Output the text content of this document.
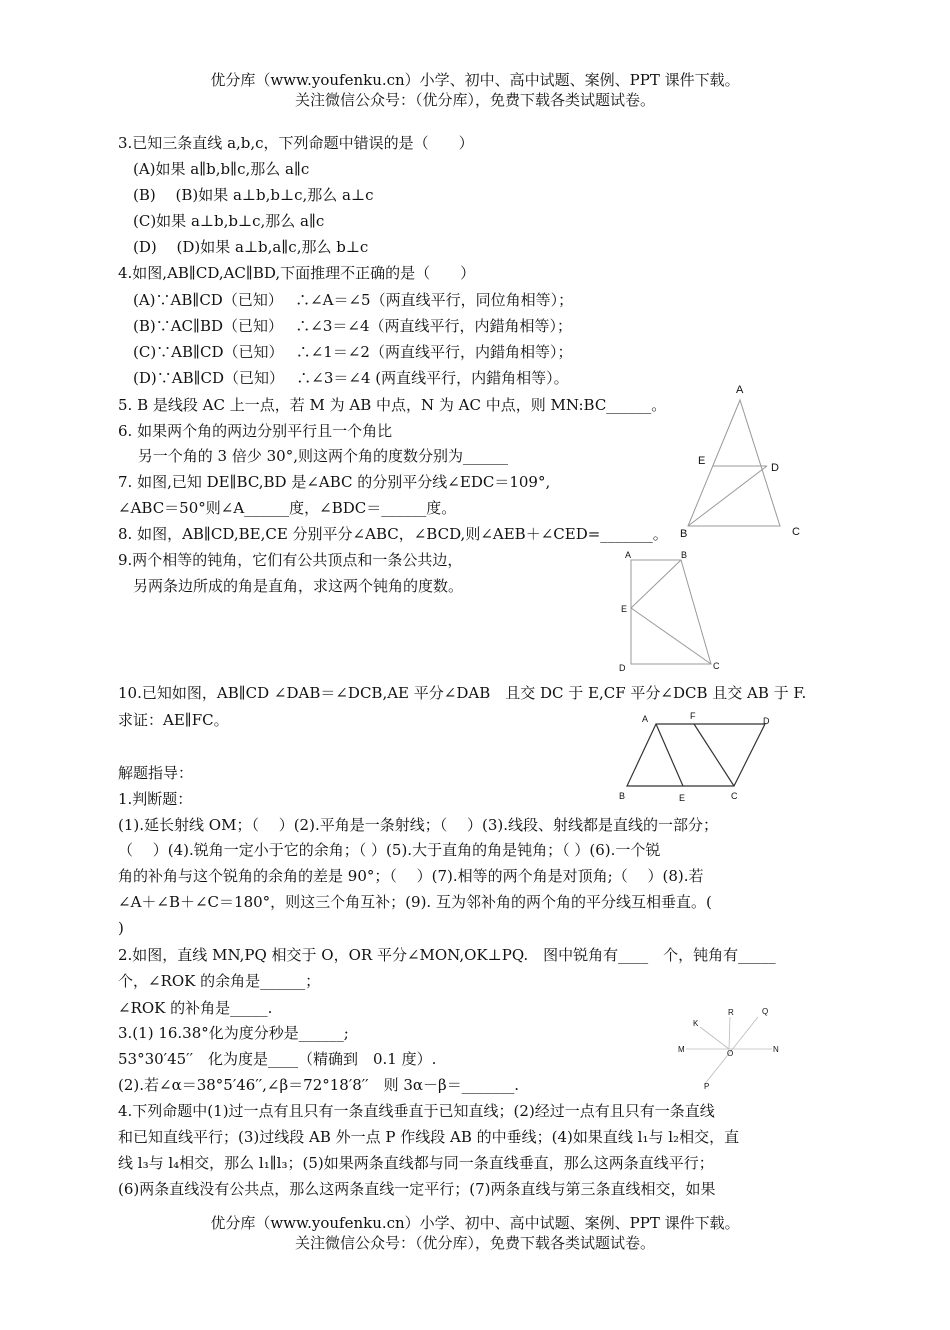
优分库（www.youfenku.cn）小学、初中、高中试题、案例、PPT 课件下载。
关注微信公众号：（优分库），免费下载各类试题试卷。
3.已知三条直线 a,b,c，下列命题中错误的是（　　）
　(A)如果 a∥b,b∥c,那么 a∥c
　(B)　 (B)如果 a⊥b,b⊥c,那么 a⊥c
　(C)如果 a⊥b,b⊥c,那么 a∥c
　(D)　 (D)如果 a⊥b,a∥c,那么 b⊥c
4.如图,AB∥CD,AC∥BD,下面推理不正确的是（　　）
　(A)∵AB∥CD（已知）　 ∴∠A＝∠5（两直线平行，同位角相等）；
　(B)∵AC∥BD（已知）　 ∴∠3＝∠4（两直线平行，内錯角相等）；
　(C)∵AB∥CD（已知）　 ∴∠1＝∠2（两直线平行，内錯角相等）；
　(D)∵AB∥CD（已知）　 ∴∠3＝∠4 (两直线平行，内錯角相等）。
5. B 是线段 AC 上一点，若 M 为 AB 中点，N 为 AC 中点，则 MN:BC______。
6. 如果两个角的两边分别平行且一个角比
　 另一个角的 3 倍少 30°,则这两个角的度数分别为______
7. 如图,已知 DE∥BC,BD 是∠ABC 的分别平分线∠EDC＝109°,
∠ABC＝50°则∠A______度，∠BDC＝______度。
8. 如图，AB∥CD,BE,CE 分别平分∠ABC，∠BCD,则∠AEB＋∠CED=_______。
9.两个相等的钝角，它们有公共顶点和一条公共边，
　另两条边所成的角是直角，求这两个钝角的度数。
10.已知如图，AB∥CD ∠DAB＝∠DCB,AE 平分∠DAB　且交 DC 于 E,CF 平分∠DCB 且交 AB 于 F.
求证：AE∥FC。
解题指导：
1.判断题：
(1).延长射线 OM；（　 ）(2).平角是一条射线；（　 ）(3).线段、射线都是直线的一部分；
（　 ）(4).锐角一定小于它的余角；（ ）(5).大于直角的角是钝角；（ ）(6).一个锐
角的补角与这个锐角的余角的差是 90°；（　 ）(7).相等的两个角是对顶角;（　 ）(8).若
∠A＋∠B＋∠C＝180°，则这三个角互补；(9). 互为邻补角的两个角的平分线互相垂直。(
)
2.如图，直线 MN,PQ 相交于 O，OR 平分∠MON,OK⊥PQ.　图中锐角有____　个，钝角有_____
个，∠ROK 的余角是______；
∠ROK 的补角是_____.
3.(1) 16.38°化为度分秒是______;
53°30′45′′　化为度是____（精确到　0.1 度）.
(2).若∠α＝38°5′46′′,∠β＝72°18′8′′　则 3α－β＝_______.
4.下列命题中(1)过一点有且只有一条直线垂直于已知直线；(2)经过一点有且只有一条直线
和已知直线平行；(3)过线段 AB 外一点 P 作线段 AB 的中垂线；(4)如果直线 l₁与 l₂相交，直
线 l₃与 l₄相交，那么 l₁∥l₃；(5)如果两条直线都与同一条直线垂直，那么这两条直线平行；
(6)两条直线没有公共点，那么这两条直线一定平行；(7)两条直线与第三条直线相交，如果
A
E
D
B	C
A	B
E
D	C
A	F	D
B	E	C
R	Q
K
M	O	N
P
优分库（www.youfenku.cn）小学、初中、高中试题、案例、PPT 课件下载。
关注微信公众号：（优分库），免费下载各类试题试卷。
